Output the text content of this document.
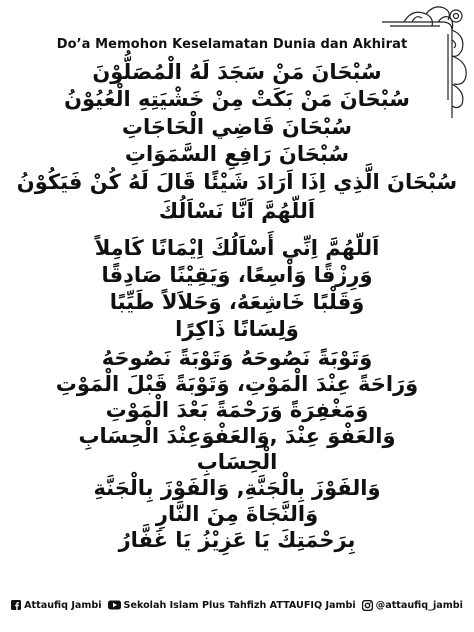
Do’a Memohon Keselamatan Dunia dan Akhirat
سُبْحَانَ مَنْ سَجَدَ لَهُ الْمُصَلُّوْنَ
سُبْحَانَ مَنْ بَكَتْ مِنْ خَشْيَتِهِ الْعُيُوْنُ
سُبْحَانَ قَاضِي الْحَاجَاتِ
سُبْحَانَ رَافِعِ السَّمَوَاتِ
سُبْحَانَ الَّذِي اِذَا اَرَادَ شَيْئًا قَالَ لَهُ كُنْ فَيَكُوْنُ
اَللّهُمَّ اَنَّا نَسْاَلُكَ
اَللّهُمَّ اِنِّي أَسْاَلُكَ اِيْمَانًا كَامِلاً
وَرِزْقًا وَاْسِعًا، وَيَقِيْنًا صَادِقًا
وَقَلْبًا خَاشِعَهُ، وَحَلاَلاً طَيِّبًا
وَلِسَانًا ذَاكِرًا
وَتَوْبَةً نَصُوحَهُ وَتَوْبَةً نَصُوحَهُ
وَرَاحَةً عِنْدَ الْمَوْتِ، وَتَوْبَةً قَبْلَ الْمَوْتِ
وَمَغْفِرَةً وَرَحْمَةً بَعْدَ الْمَوْتِ
وَالعَفْوَ عِنْدَ ,وَالعَفْوَعِنْدَ الْحِسَابِ
الْحِسَابِ
وَالفَوْزَ بِالْجَنَّةِ, وَالفَوْزَ بِالْجَنَّةِ
وَالنَّجَاةَ مِنَ النَّارِ
بِرَحْمَتِكَ يَا عَزِيْزُ يَا غَفَّارُ
Attaufiq Jambi Sekolah Islam Plus Tahfizh ATTAUFIQ Jambi @attaufiq_jambi
